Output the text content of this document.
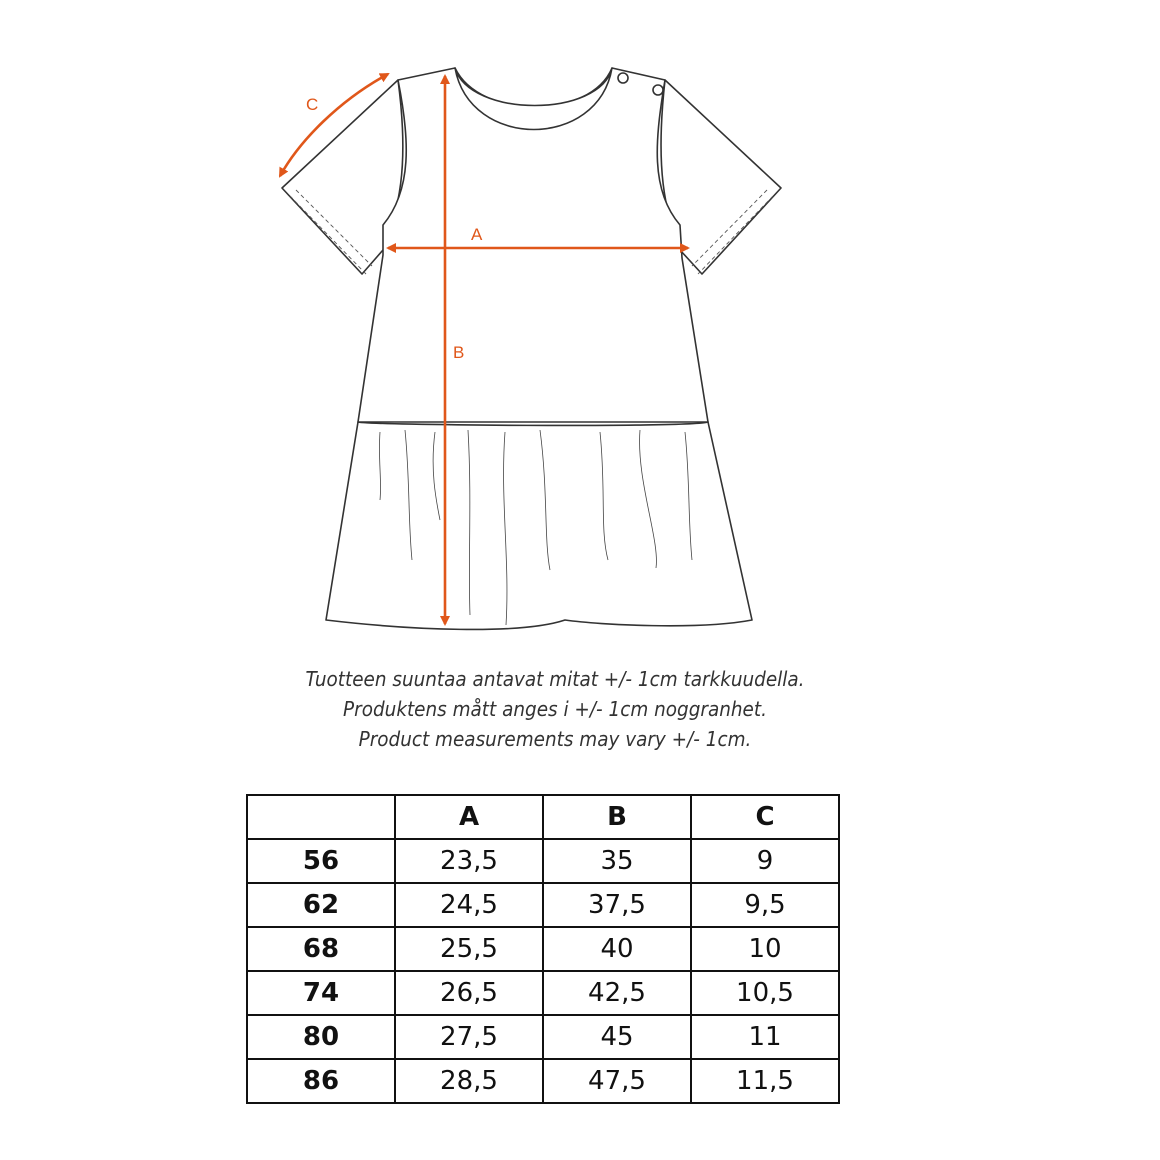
A
B
C
Tuotteen suuntaa antavat mitat +/- 1cm tarkkuudella.
Produktens mått anges i +/- 1cm noggranhet.
Product measurements may vary +/- 1cm.
	A	B	C
56	23,5	35	9
62	24,5	37,5	9,5
68	25,5	40	10
74	26,5	42,5	10,5
80	27,5	45	11
86	28,5	47,5	11,5
